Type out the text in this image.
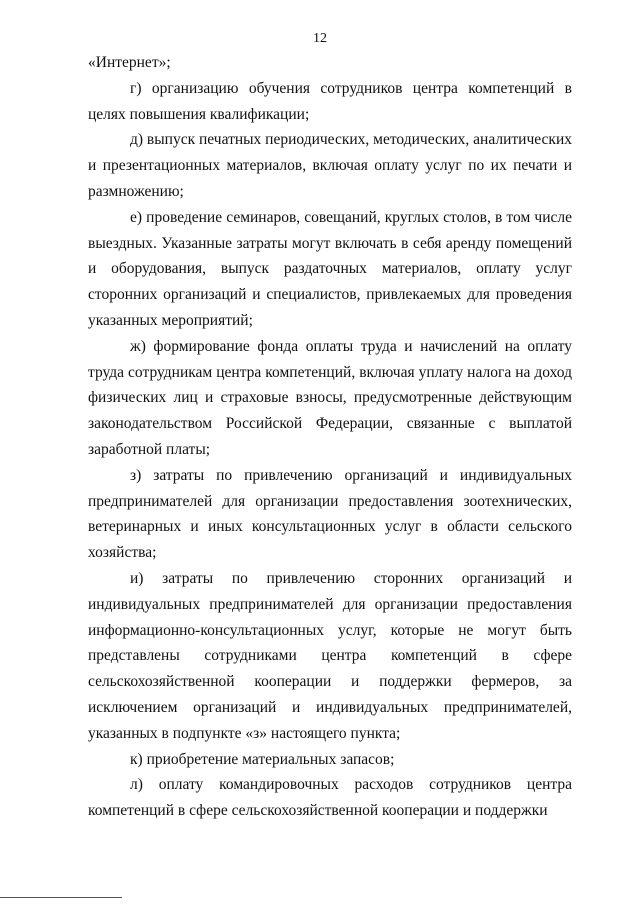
12

«Интернет»;

г) организацию обучения сотрудников центра компетенций в целях повышения квалификации;

д) выпуск печатных периодических, методических, аналитических и презентационных материалов, включая оплату услуг по их печати и размножению;

е) проведение семинаров, совещаний, круглых столов, в том числе выездных. Указанные затраты могут включать в себя аренду помещений и оборудования, выпуск раздаточных материалов, оплату услуг сторонних организаций и специалистов, привлекаемых для проведения указанных мероприятий;

ж) формирование фонда оплаты труда и начислений на оплату труда сотрудникам центра компетенций, включая уплату налога на доход физических лиц и страховые взносы, предусмотренные действующим законодательством Российской Федерации, связанные с выплатой заработной платы;

з) затраты по привлечению организаций и индивидуальных предпринимателей для организации предоставления зоотехнических, ветеринарных и иных консультационных услуг в области сельского хозяйства;

и) затраты по привлечению сторонних организаций и индивидуальных предпринимателей для организации предоставления информационно-консультационных услуг, которые не могут быть представлены сотрудниками центра компетенций в сфере сельскохозяйственной кооперации и поддержки фермеров, за исключением организаций и индивидуальных предпринимателей, указанных в подпункте «з» настоящего пункта;

к) приобретение материальных запасов;

л) оплату командировочных расходов сотрудников центра компетенций в сфере сельскохозяйственной кооперации и поддержки
